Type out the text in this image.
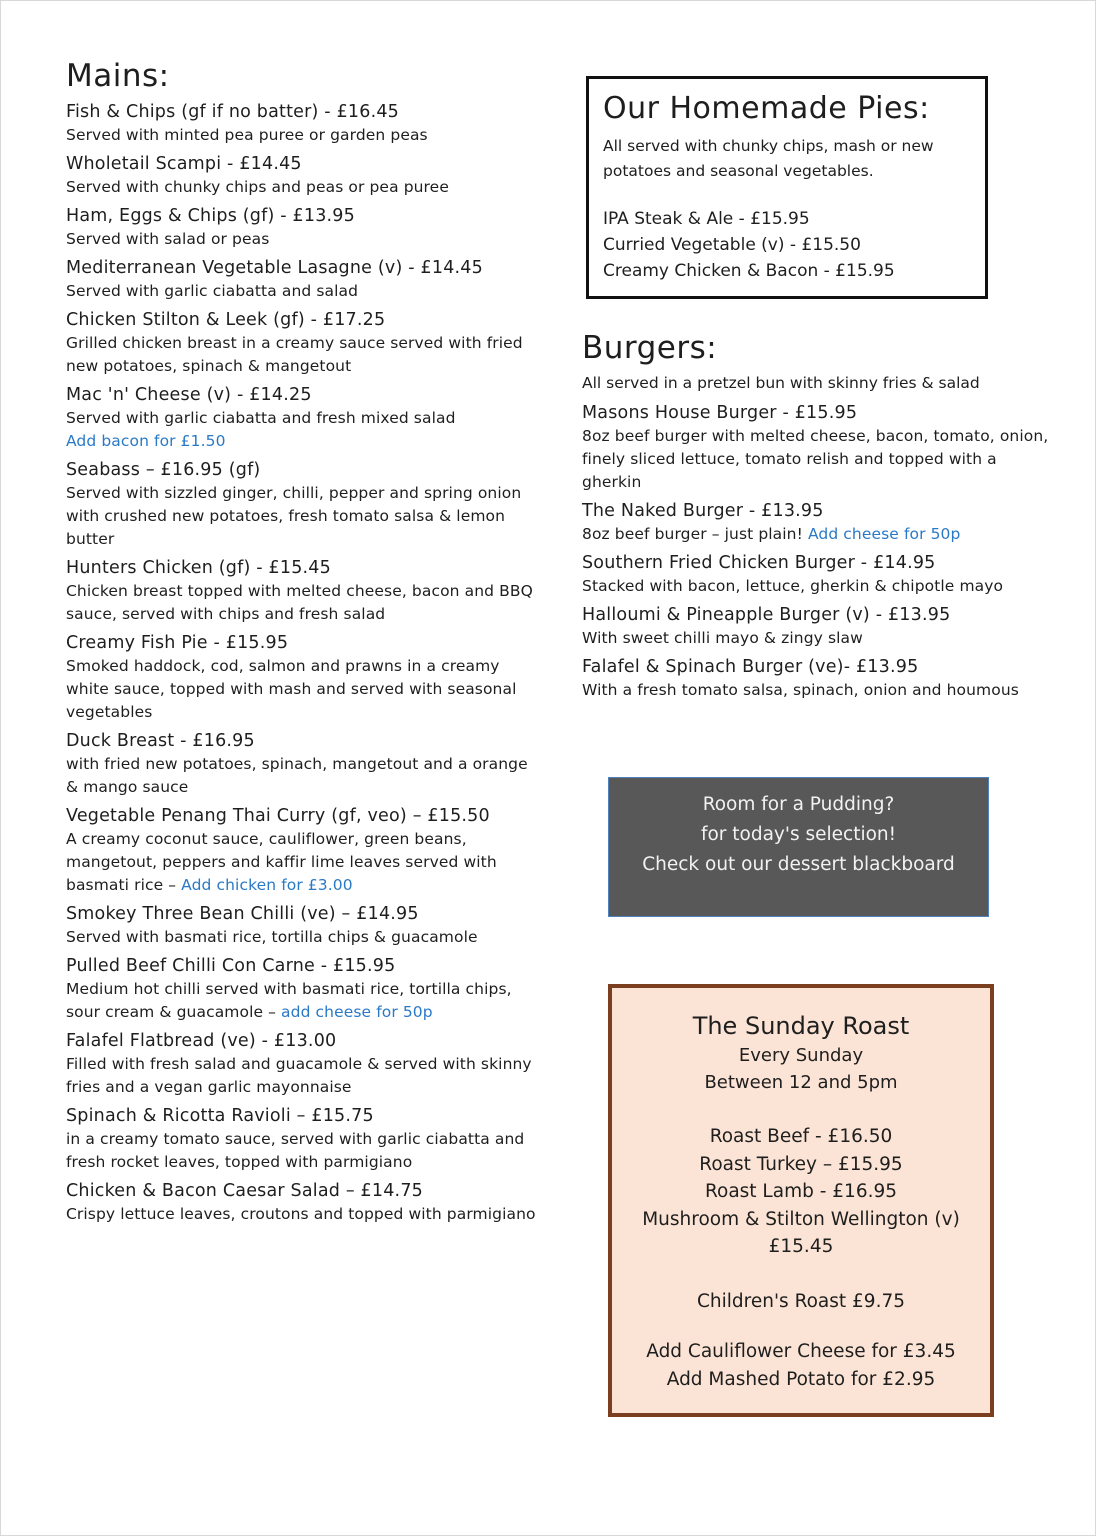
Mains:
Fish & Chips (gf if no batter) - £16.45
Served with minted pea puree or garden peas
Wholetail Scampi - £14.45
Served with chunky chips and peas or pea puree
Ham, Eggs & Chips (gf) - £13.95
Served with salad or peas
Mediterranean Vegetable Lasagne (v) - £14.45
Served with garlic ciabatta and salad
Chicken Stilton & Leek (gf) - £17.25
Grilled chicken breast in a creamy sauce served with fried new potatoes, spinach & mangetout
Mac 'n' Cheese (v) - £14.25
Served with garlic ciabatta and fresh mixed salad
Add bacon for £1.50
Seabass – £16.95 (gf)
Served with sizzled ginger, chilli, pepper and spring onion with crushed new potatoes, fresh tomato salsa & lemon butter
Hunters Chicken (gf) - £15.45
Chicken breast topped with melted cheese, bacon and BBQ sauce, served with chips and fresh salad
Creamy Fish Pie - £15.95
Smoked haddock, cod, salmon and prawns in a creamy white sauce, topped with mash and served with seasonal vegetables
Duck Breast - £16.95
with fried new potatoes, spinach, mangetout and a orange & mango sauce
Vegetable Penang Thai Curry (gf, veo) – £15.50
A creamy coconut sauce, cauliflower, green beans, mangetout, peppers and kaffir lime leaves served with basmati rice – Add chicken for £3.00
Smokey Three Bean Chilli (ve) – £14.95
Served with basmati rice, tortilla chips & guacamole
Pulled Beef Chilli Con Carne - £15.95
Medium hot chilli served with basmati rice, tortilla chips, sour cream & guacamole – add cheese for 50p
Falafel Flatbread (ve) - £13.00
Filled with fresh salad and guacamole & served with skinny fries and a vegan garlic mayonnaise
Spinach & Ricotta Ravioli – £15.75
in a creamy tomato sauce, served with garlic ciabatta and fresh rocket leaves, topped with parmigiano
Chicken & Bacon Caesar Salad – £14.75
Crispy lettuce leaves, croutons and topped with parmigiano
Our Homemade Pies:
All served with chunky chips, mash or new potatoes and seasonal vegetables.
IPA Steak & Ale - £15.95
Curried Vegetable (v) - £15.50
Creamy Chicken & Bacon - £15.95
Burgers:
All served in a pretzel bun with skinny fries & salad
Masons House Burger - £15.95
8oz beef burger with melted cheese, bacon, tomato, onion, finely sliced lettuce, tomato relish and topped with a gherkin
The Naked Burger - £13.95
8oz beef burger – just plain! Add cheese for 50p
Southern Fried Chicken Burger - £14.95
Stacked with bacon, lettuce, gherkin & chipotle mayo
Halloumi & Pineapple Burger (v) - £13.95
With sweet chilli mayo & zingy slaw
Falafel & Spinach Burger (ve)- £13.95
With a fresh tomato salsa, spinach, onion and houmous
Room for a Pudding?
for today's selection!
Check out our dessert blackboard
The Sunday Roast
Every Sunday
Between 12 and 5pm
Roast Beef - £16.50
Roast Turkey – £15.95
Roast Lamb - £16.95
Mushroom & Stilton Wellington (v)
£15.45
Children's Roast £9.75
Add Cauliflower Cheese for £3.45
Add Mashed Potato for £2.95
